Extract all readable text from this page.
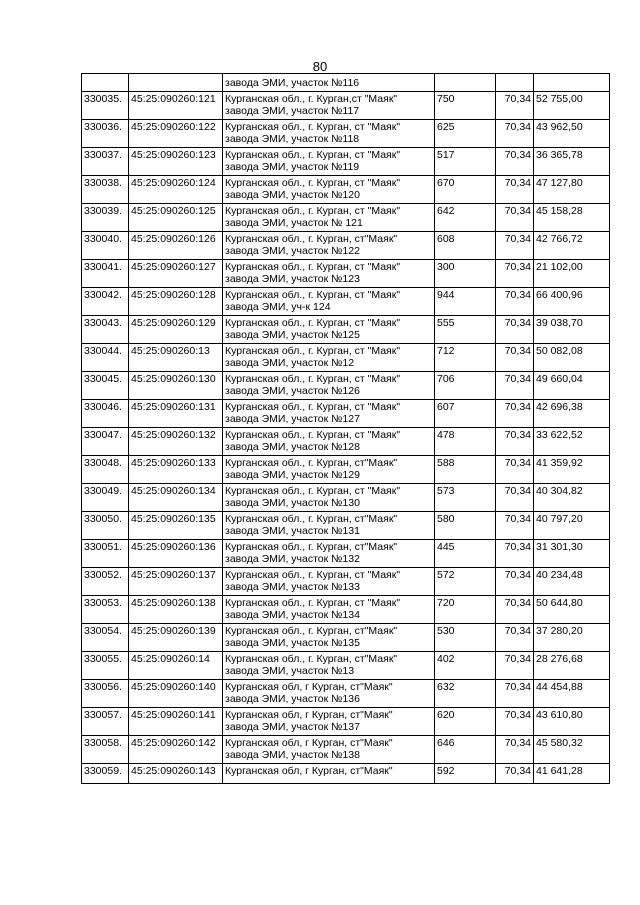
80
		завода ЭМИ, участок №116			
330035.	45:25:090260:121	Курганская обл., г. Курган,ст "Маяк"
завода ЭМИ, участок №117	750	70,34	52 755,00
330036.	45:25:090260:122	Курганская обл., г. Курган, ст "Маяк"
завода ЭМИ, участок №118	625	70,34	43 962,50
330037.	45:25:090260:123	Курганская обл., г. Курган, ст "Маяк"
завода ЭМИ, участок №119	517	70,34	36 365,78
330038.	45:25:090260:124	Курганская обл., г. Курган, ст "Маяк"
завода ЭМИ, участок №120	670	70,34	47 127,80
330039.	45:25:090260:125	Курганская обл., г. Курган, ст "Маяк"
завода ЭМИ, участок № 121	642	70,34	45 158,28
330040.	45:25:090260:126	Курганская обл., г. Курган, ст"Маяк"
завода ЭМИ, участок №122	608	70,34	42 766,72
330041.	45:25:090260:127	Курганская обл., г. Курган, ст "Маяк"
завода ЭМИ, участок №123	300	70,34	21 102,00
330042.	45:25:090260:128	Курганская обл., г. Курган, ст "Маяк"
завода ЭМИ, уч-к 124	944	70,34	66 400,96
330043.	45:25:090260:129	Курганская обл., г. Курган, ст "Маяк"
завода ЭМИ, участок №125	555	70,34	39 038,70
330044.	45:25:090260:13	Курганская обл., г. Курган, ст "Маяк"
завода ЭМИ, участок №12	712	70,34	50 082,08
330045.	45:25:090260:130	Курганская обл., г. Курган, ст "Маяк"
завода ЭМИ, участок №126	706	70,34	49 660,04
330046.	45:25:090260:131	Курганская обл., г. Курган, ст "Маяк"
завода ЭМИ, участок №127	607	70,34	42 696,38
330047.	45:25:090260:132	Курганская обл., г. Курган, ст "Маяк"
завода ЭМИ, участок №128	478	70,34	33 622,52
330048.	45:25:090260:133	Курганская обл., г. Курган, ст"Маяк"
завода ЭМИ, участок №129	588	70,34	41 359,92
330049.	45:25:090260:134	Курганская обл., г. Курган, ст "Маяк"
завода ЭМИ, участок №130	573	70,34	40 304,82
330050.	45:25:090260:135	Курганская обл., г. Курган, ст"Маяк"
завода ЭМИ, участок №131	580	70,34	40 797,20
330051.	45:25:090260:136	Курганская обл., г. Курган, ст"Маяк"
завода ЭМИ, участок №132	445	70,34	31 301,30
330052.	45:25:090260:137	Курганская обл., г. Курган, ст "Маяк"
завода ЭМИ, участок №133	572	70,34	40 234,48
330053.	45:25:090260:138	Курганская обл., г. Курган, ст "Маяк"
завода ЭМИ, участок №134	720	70,34	50 644,80
330054.	45:25:090260:139	Курганская обл., г. Курган, ст"Маяк"
завода ЭМИ, участок №135	530	70,34	37 280,20
330055.	45:25:090260:14	Курганская обл., г. Курган, ст"Маяк"
завода ЭМИ, участок №13	402	70,34	28 276,68
330056.	45:25:090260:140	Курганская обл, г Курган, ст"Маяк"
завода ЭМИ, участок №136	632	70,34	44 454,88
330057.	45:25:090260:141	Курганская обл, г Курган, ст"Маяк"
завода ЭМИ, участок №137	620	70,34	43 610,80
330058.	45:25:090260:142	Курганская обл, г Курган, ст"Маяк"
завода ЭМИ, участок №138	646	70,34	45 580,32
330059.	45:25:090260:143	Курганская обл, г Курган, ст"Маяк"	592	70,34	41 641,28
